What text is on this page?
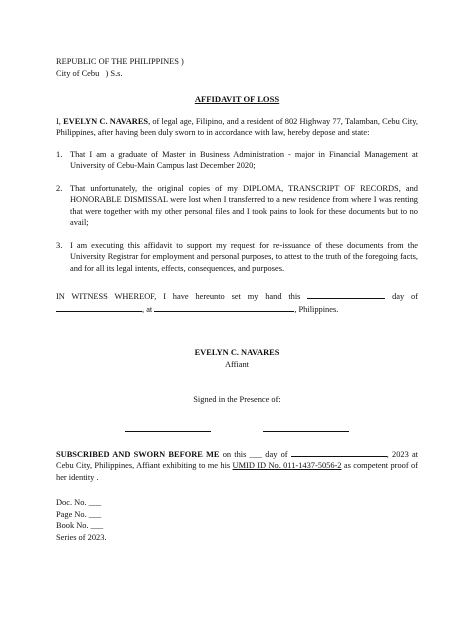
REPUBLIC OF THE PHILIPPINES )
City of Cebu   ) S.s.
AFFIDAVIT OF LOSS

I, EVELYN C. NAVARES, of legal age, Filipino, and a resident of 802 Highway 77, Talamban, Cebu City, Philippines, after having been duly sworn to in accordance with law, hereby depose and state:

1. That I am a graduate of Master in Business Administration - major in Financial Management at University of Cebu-Main Campus last December 2020;
2. That unfortunately, the original copies of my DIPLOMA, TRANSCRIPT OF RECORDS, and HONORABLE DISMISSAL were lost when I transferred to a new residence from where I was renting that were together with my other personal files and I took pains to look for these documents but to no avail;
3. I am executing this affidavit to support my request for re-issuance of these documents from the University Registrar for employment and personal purposes, to attest to the truth of the foregoing facts, and for all its legal intents, effects, consequences, and purposes.

IN WITNESS WHEREOF, I have hereunto set my hand this	day of , at	, Philippines.

EVELYN C. NAVARES
Affiant
Signed in the Presence of:

SUBSCRIBED AND SWORN BEFORE ME on this ___ day of	, 2023 at Cebu City, Philippines, Affiant exhibiting to me his UMID ID No. 011-1437-5056-2 as competent proof of her identity .

Doc. No. ___
Page No. ___
Book No. ___
Series of 2023.
